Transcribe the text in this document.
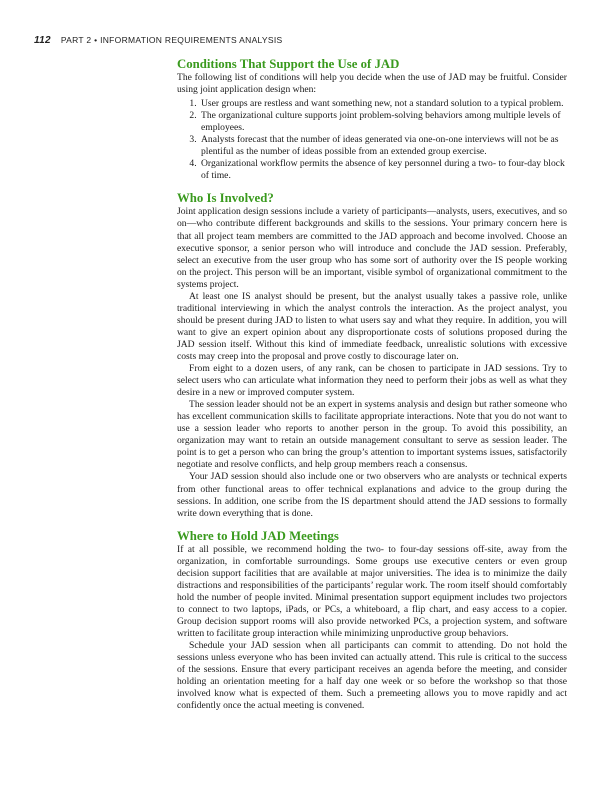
112 PART 2 • INFORMATION REQUIREMENTS ANALYSIS
Conditions That Support the Use of JAD

The following list of conditions will help you decide when the use of JAD may be fruitful. Consider using joint application design when:

1. User groups are restless and want something new, not a standard solution to a typical problem.
2. The organizational culture supports joint problem-solving behaviors among multiple levels of employees.
3. Analysts forecast that the number of ideas generated via one-on-one interviews will not be as plentiful as the number of ideas possible from an extended group exercise.
4. Organizational workflow permits the absence of key personnel during a two- to four-day block of time.
Who Is Involved?

Joint application design sessions include a variety of participants—analysts, users, executives, and so on—who contribute different backgrounds and skills to the sessions. Your primary concern here is that all project team members are committed to the JAD approach and become involved. Choose an executive sponsor, a senior person who will introduce and conclude the JAD session. Preferably, select an executive from the user group who has some sort of authority over the IS people working on the project. This person will be an important, visible symbol of organizational commitment to the systems project.

At least one IS analyst should be present, but the analyst usually takes a passive role, unlike traditional interviewing in which the analyst controls the interaction. As the project analyst, you should be present during JAD to listen to what users say and what they require. In addition, you will want to give an expert opinion about any disproportionate costs of solutions proposed during the JAD session itself. Without this kind of immediate feedback, unrealistic solutions with excessive costs may creep into the proposal and prove costly to discourage later on.

From eight to a dozen users, of any rank, can be chosen to participate in JAD sessions. Try to select users who can articulate what information they need to perform their jobs as well as what they desire in a new or improved computer system.

The session leader should not be an expert in systems analysis and design but rather someone who has excellent communication skills to facilitate appropriate interactions. Note that you do not want to use a session leader who reports to another person in the group. To avoid this possibility, an organization may want to retain an outside management consultant to serve as session leader. The point is to get a person who can bring the group’s attention to important systems issues, satisfactorily negotiate and resolve conflicts, and help group members reach a consensus.

Your JAD session should also include one or two observers who are analysts or technical experts from other functional areas to offer technical explanations and advice to the group during the sessions. In addition, one scribe from the IS department should attend the JAD sessions to formally write down everything that is done.

Where to Hold JAD Meetings

If at all possible, we recommend holding the two- to four-day sessions off-site, away from the organization, in comfortable surroundings. Some groups use executive centers or even group decision support facilities that are available at major universities. The idea is to minimize the daily distractions and responsibilities of the participants’ regular work. The room itself should comfortably hold the number of people invited. Minimal presentation support equipment includes two projectors to connect to two laptops, iPads, or PCs, a whiteboard, a flip chart, and easy access to a copier. Group decision support rooms will also provide networked PCs, a projection system, and software written to facilitate group interaction while minimizing unproductive group behaviors.

Schedule your JAD session when all participants can commit to attending. Do not hold the sessions unless everyone who has been invited can actually attend. This rule is critical to the success of the sessions. Ensure that every participant receives an agenda before the meeting, and consider holding an orientation meeting for a half day one week or so before the workshop so that those involved know what is expected of them. Such a premeeting allows you to move rapidly and act confidently once the actual meeting is convened.
